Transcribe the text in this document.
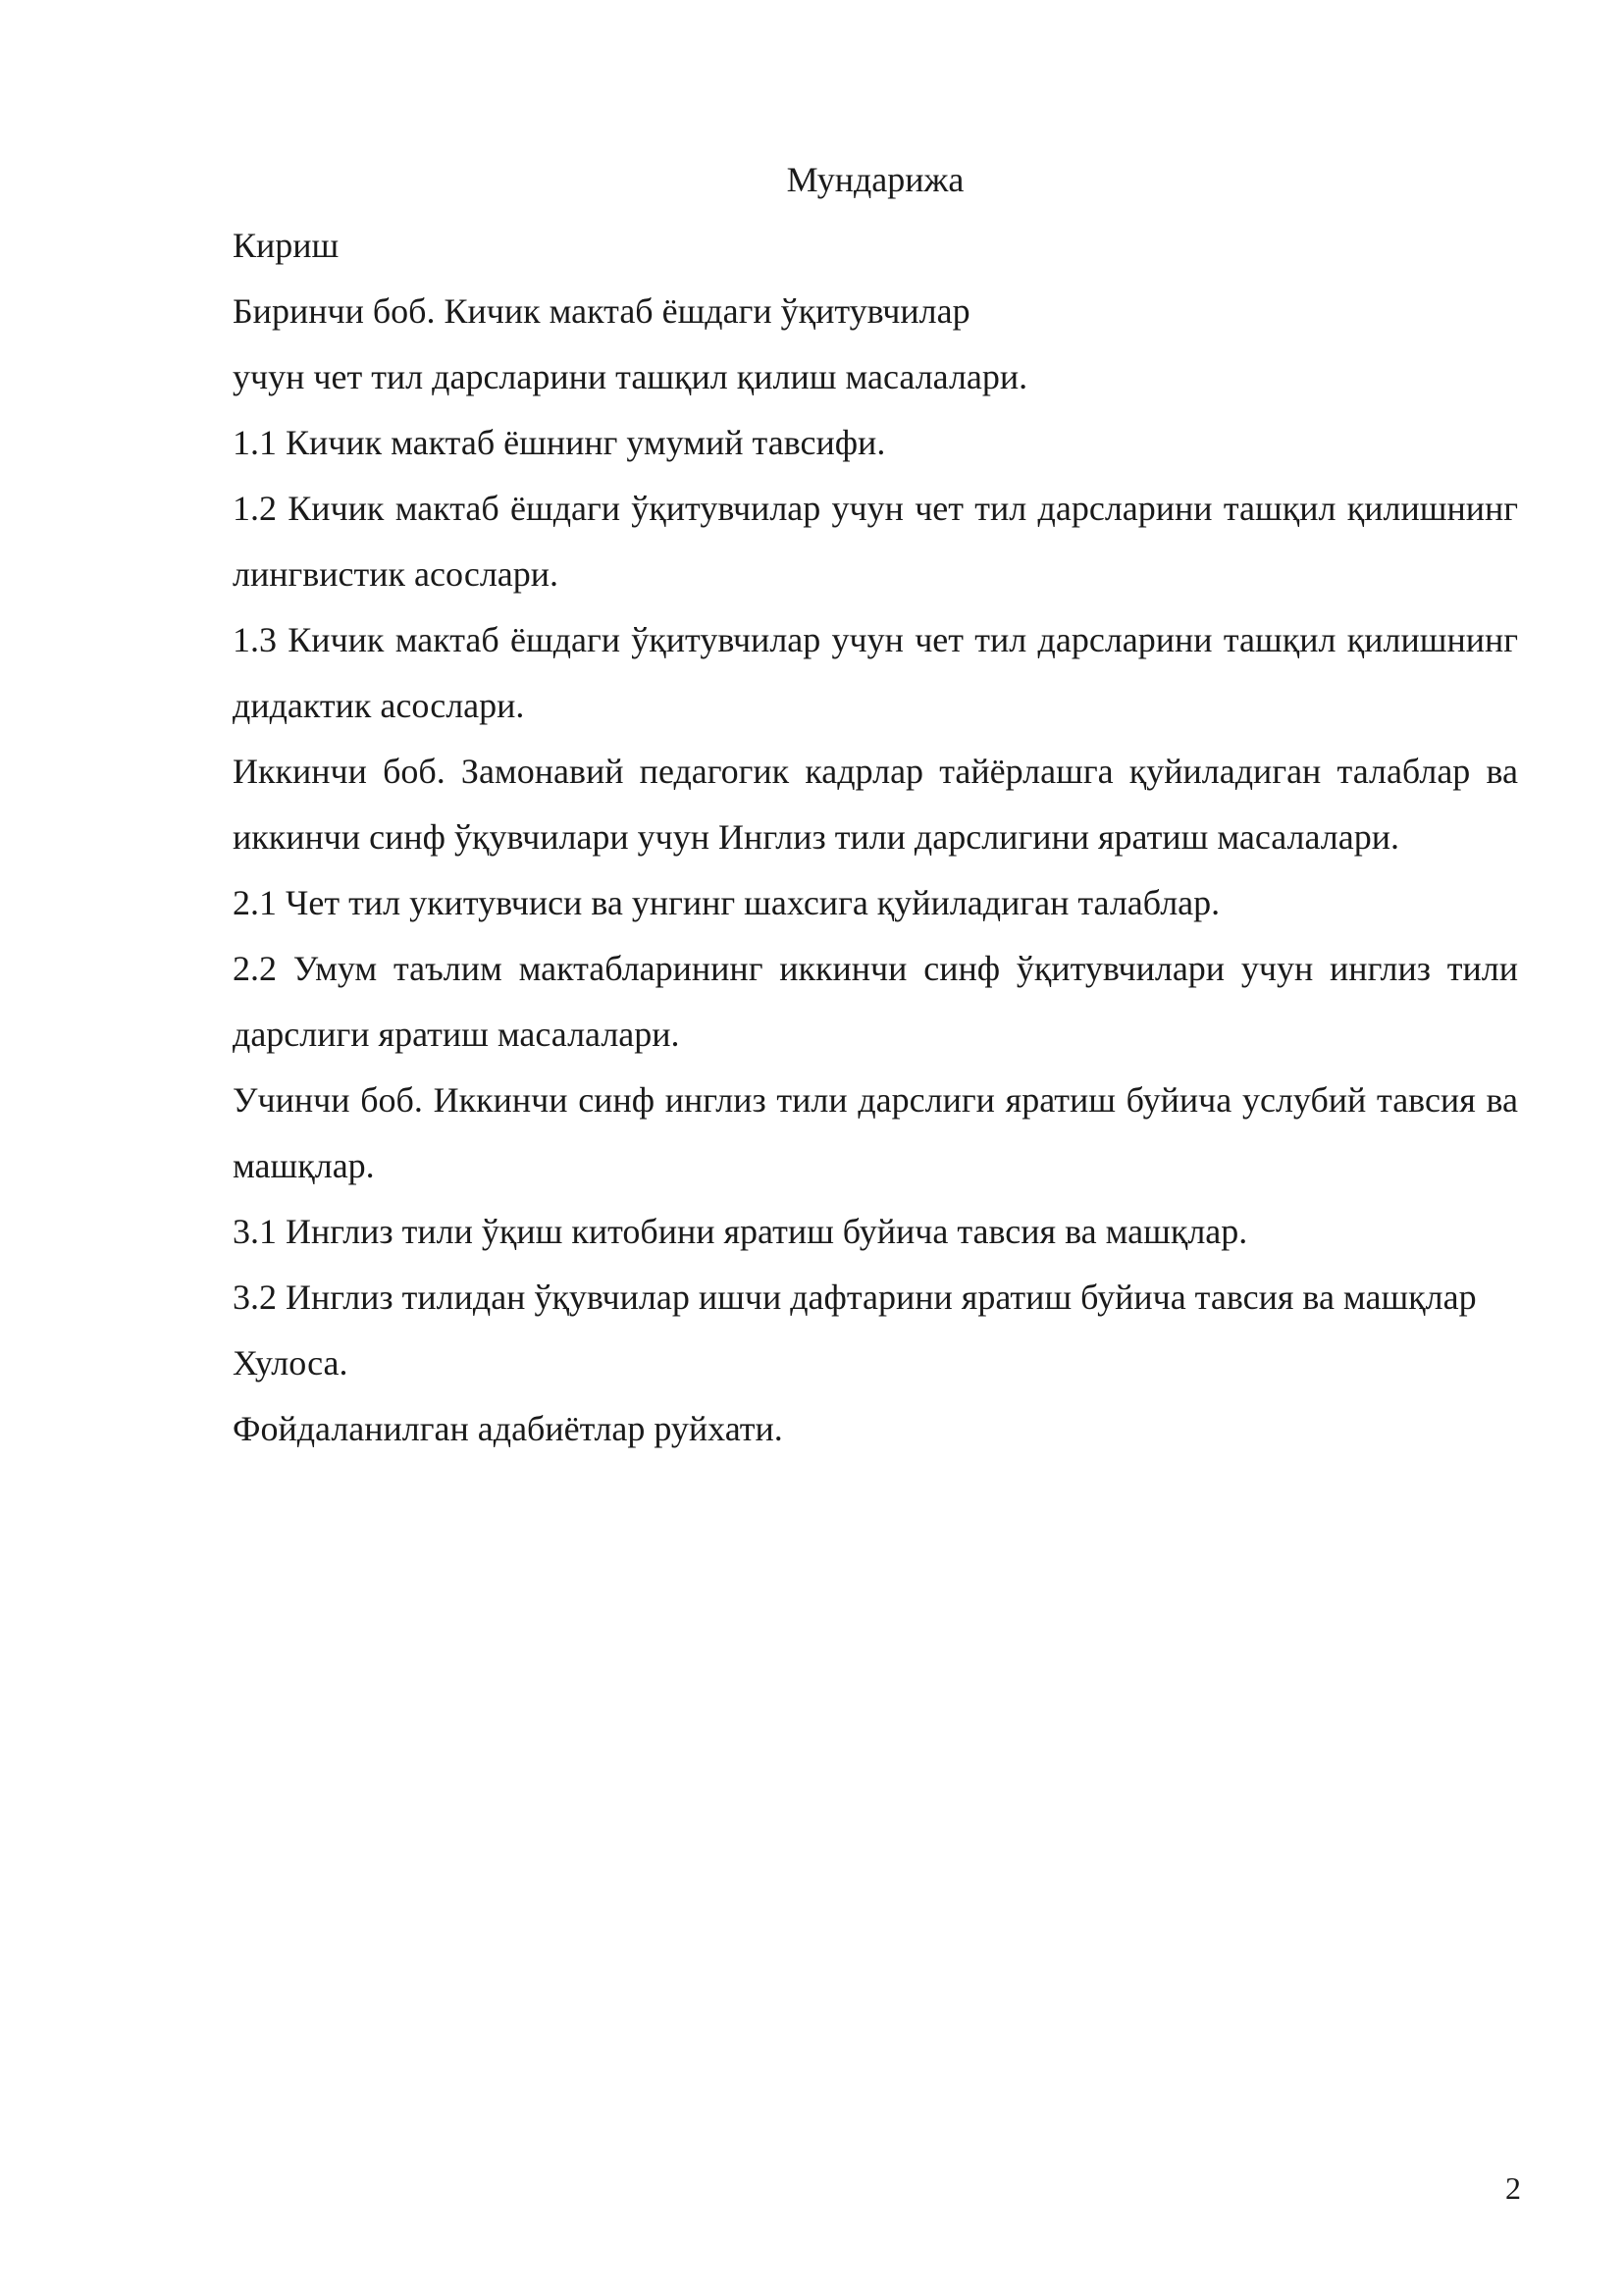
Мундарижа

Кириш

Биринчи боб. Кичик мактаб ёшдаги ўқитувчилар

учун чет тил дарсларини ташқил қилиш масалалари.

1.1 Кичик мактаб ёшнинг умумий тавсифи.

1.2 Кичик мактаб ёшдаги ўқитувчилар учун чет тил дарсларини ташқил қилишнинг лингвистик асослари.

1.3 Кичик мактаб ёшдаги ўқитувчилар учун чет тил дарсларини ташқил қилишнинг дидактик асослари.

Иккинчи боб. Замонавий педагогик кадрлар тайёрлашга қуйиладиган талаблар ва иккинчи синф ўқувчилари учун Инглиз тили дарслигини яратиш масалалари.

2.1 Чет тил укитувчиси ва унгинг шахсига қуйиладиган талаблар.

2.2 Умум таълим мактабларининг иккинчи синф ўқитувчилари учун инглиз тили дарслиги яратиш масалалари.

Учинчи боб. Иккинчи синф инглиз тили дарслиги яратиш буйича услубий тавсия ва машқлар.

3.1 Инглиз тили ўқиш китобини яратиш буйича тавсия ва машқлар.

3.2 Инглиз тилидан ўқувчилар ишчи дафтарини яратиш буйича тавсия ва машқлар

Хулоса.

Фойдаланилган адабиётлар руйхати.

2
